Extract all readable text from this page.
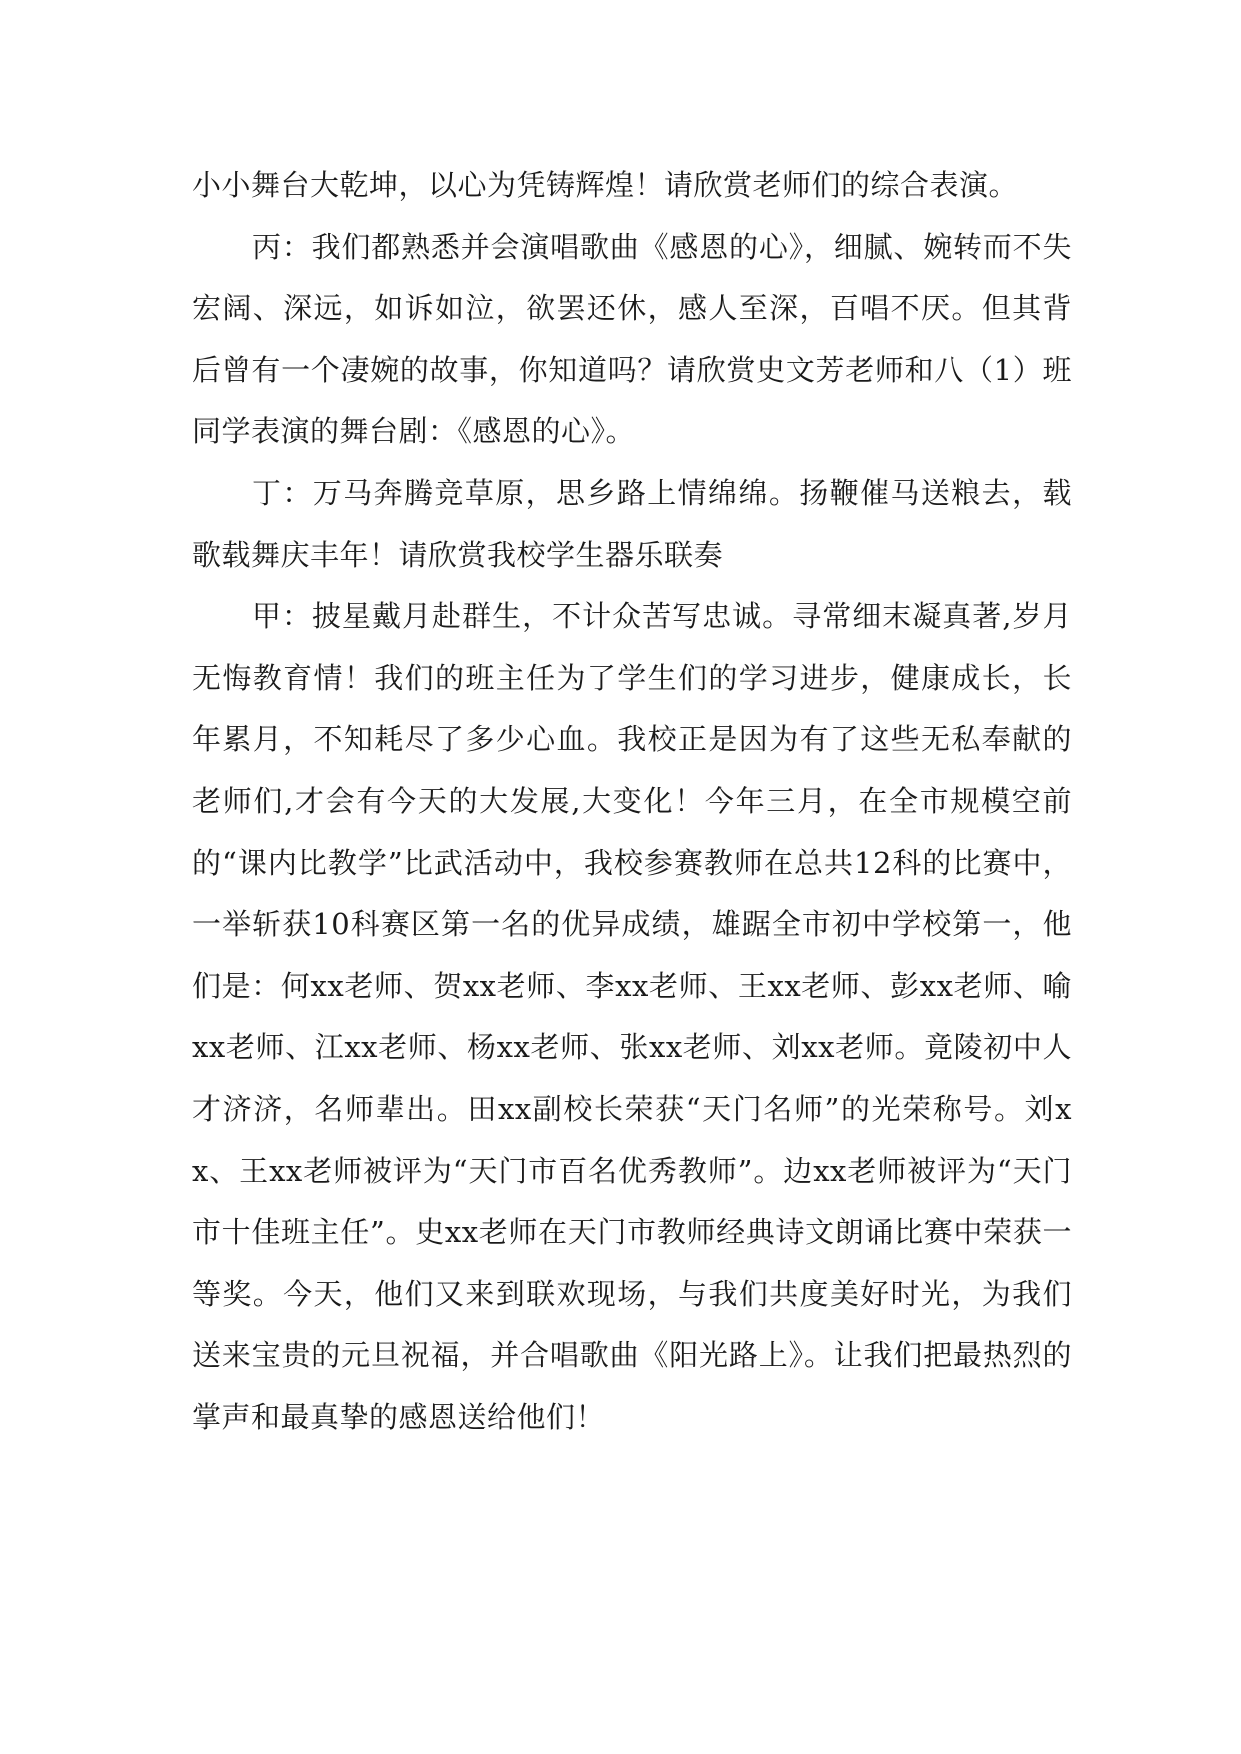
小小舞台大乾坤，以心为凭铸辉煌！请欣赏老师们的综合表演。

丙：我们都熟悉并会演唱歌曲《感恩的心》，细腻、婉转而不失宏阔、深远，如诉如泣，欲罢还休，感人至深，百唱不厌。但其背后曾有一个凄婉的故事，你知道吗？请欣赏史文芳老师和八（1）班同学表演的舞台剧：《感恩的心》。

丁：万马奔腾竞草原，思乡路上情绵绵。扬鞭催马送粮去，载歌载舞庆丰年！请欣赏我校学生器乐联奏

甲：披星戴月赴群生，不计众苦写忠诚。寻常细末凝真著,岁月无悔教育情！我们的班主任为了学生们的学习进步，健康成长，长年累月，不知耗尽了多少心血。我校正是因为有了这些无私奉献的老师们,才会有今天的大发展,大变化！今年三月，在全市规模空前的“课内比教学”比武活动中，我校参赛教师在总共12科的比赛中，一举斩获10科赛区第一名的优异成绩，雄踞全市初中学校第一，他们是：何xx老师、贺xx老师、李xx老师、王xx老师、彭xx老师、喻xx老师、江xx老师、杨xx老师、张xx老师、刘xx老师。竟陵初中人才济济，名师辈出。田xx副校长荣获“天门名师”的光荣称号。刘xx、王xx老师被评为“天门市百名优秀教师”。边xx老师被评为“天门市十佳班主任”。史xx老师在天门市教师经典诗文朗诵比赛中荣获一等奖。今天，他们又来到联欢现场，与我们共度美好时光，为我们送来宝贵的元旦祝福，并合唱歌曲《阳光路上》。让我们把最热烈的掌声和最真挚的感恩送给他们！
